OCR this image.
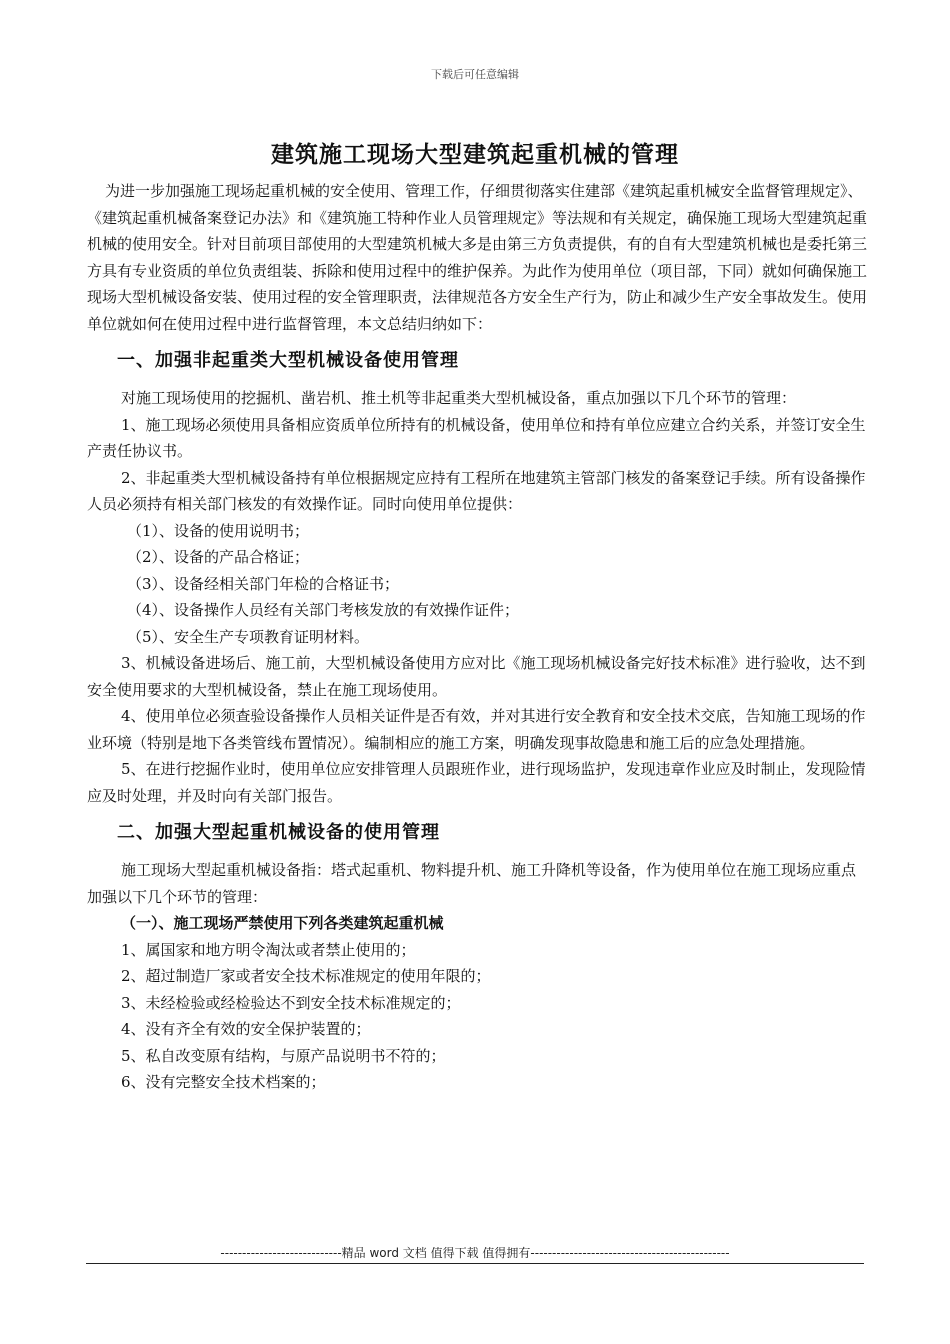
下载后可任意编辑
建筑施工现场大型建筑起重机械的管理

为进一步加强施工现场起重机械的安全使用、管理工作，仔细贯彻落实住建部《建筑起重机械安全监督管理规定》、《建筑起重机械备案登记办法》和《建筑施工特种作业人员管理规定》等法规和有关规定，确保施工现场大型建筑起重机械的使用安全。针对目前项目部使用的大型建筑机械大多是由第三方负责提供，有的自有大型建筑机械也是委托第三方具有专业资质的单位负责组装、拆除和使用过程中的维护保养。为此作为使用单位（项目部，下同）就如何确保施工现场大型机械设备安装、使用过程的安全管理职责，法律规范各方安全生产行为，防止和减少生产安全事故发生。使用单位就如何在使用过程中进行监督管理，本文总结归纳如下：

一、加强非起重类大型机械设备使用管理

对施工现场使用的挖掘机、凿岩机、推土机等非起重类大型机械设备，重点加强以下几个环节的管理：

1、施工现场必须使用具备相应资质单位所持有的机械设备，使用单位和持有单位应建立合约关系，并签订安全生产责任协议书。

2、非起重类大型机械设备持有单位根据规定应持有工程所在地建筑主管部门核发的备案登记手续。所有设备操作人员必须持有相关部门核发的有效操作证。同时向使用单位提供：

（1）、设备的使用说明书；

（2）、设备的产品合格证；

（3）、设备经相关部门年检的合格证书；

（4）、设备操作人员经有关部门考核发放的有效操作证件；

（5）、安全生产专项教育证明材料。

3、机械设备进场后、施工前，大型机械设备使用方应对比《施工现场机械设备完好技术标准》进行验收，达不到安全使用要求的大型机械设备，禁止在施工现场使用。

4、使用单位必须查验设备操作人员相关证件是否有效，并对其进行安全教育和安全技术交底，告知施工现场的作业环境（特别是地下各类管线布置情况）。编制相应的施工方案，明确发现事故隐患和施工后的应急处理措施。

5、在进行挖掘作业时，使用单位应安排管理人员跟班作业，进行现场监护，发现违章作业应及时制止，发现险情应及时处理，并及时向有关部门报告。

二、加强大型起重机械设备的使用管理

施工现场大型起重机械设备指：塔式起重机、物料提升机、施工升降机等设备，作为使用单位在施工现场应重点加强以下几个环节的管理：

（一）、施工现场严禁使用下列各类建筑起重机械

1、属国家和地方明令淘汰或者禁止使用的；

2、超过制造厂家或者安全技术标准规定的使用年限的；

3、未经检验或经检验达不到安全技术标准规定的；

4、没有齐全有效的安全保护装置的；

5、私自改变原有结构，与原产品说明书不符的；

6、没有完整安全技术档案的；

----------------------------精品 word 文档 值得下载 值得拥有----------------------------------------------
